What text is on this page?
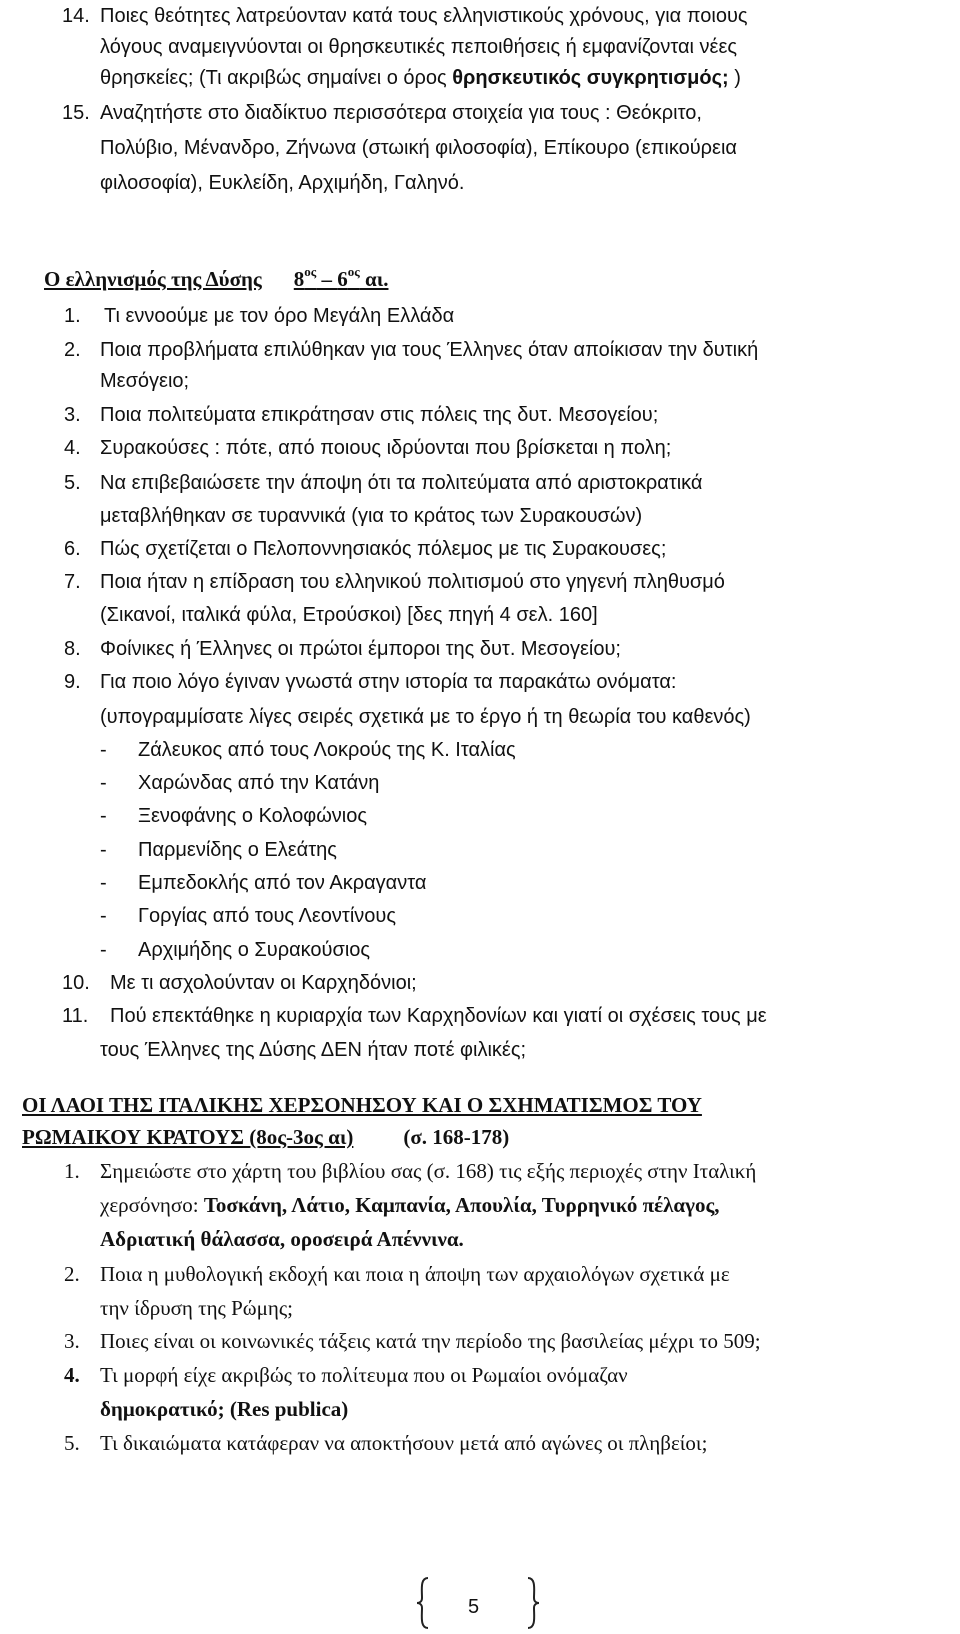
14. Ποιες θεότητες λατρεύονταν κατά τους ελληνιστικούς χρόνους, για ποιους
λόγους αναμειγνύονται οι θρησκευτικές πεποιθήσεις ή εμφανίζονται νέες
θρησκείες; (Τι ακριβώς σημαίνει ο όρος θρησκευτικός συγκρητισμός; )
15. Αναζητήστε στο διαδίκτυο περισσότερα στοιχεία για τους : Θεόκριτο,
Πολύβιο, Μένανδρο, Ζήνωνα (στωική φιλοσοφία), Επίκουρο (επικούρεια
φιλοσοφία), Ευκλείδη, Αρχιμήδη, Γαληνό.
Ο ελληνισμός της Δύσης $8^{o\varsigma} - 6^{o\varsigma}$ αι.
1. Τι εννοούμε με τον όρο Μεγάλη Ελλάδα
2. Ποια προβλήματα επιλύθηκαν για τους Έλληνες όταν αποίκισαν την δυτική
Μεσόγειο;
3. Ποια πολιτεύματα επικράτησαν στις πόλεις της δυτ. Μεσογείου;
4. Συρακούσες : πότε, από ποιους ιδρύονται που βρίσκεται η πολη;
5. Να επιβεβαιώσετε την άποψη ότι τα πολιτεύματα από αριστοκρατικά
μεταβλήθηκαν σε τυραννικά (για το κράτος των Συρακουσών)
6. Πώς σχετίζεται ο Πελοποννησιακός πόλεμος με τις Συρακουσες;
7. Ποια ήταν η επίδραση του ελληνικού πολιτισμού στο γηγενή πληθυσμό
(Σικανοί, ιταλικά φύλα, Ετρούσκοι) [δες πηγή 4 σελ. 160]
8. Φοίνικες ή Έλληνες οι πρώτοι έμποροι της δυτ. Μεσογείου;
9. Για ποιο λόγο έγιναν γνωστά στην ιστορία τα παρακάτω ονόματα:
(υπογραμμίσατε λίγες σειρές σχετικά με το έργο ή τη θεωρία του καθενός)
- Ζάλευκος από τους Λοκρούς της Κ. Ιταλίας
- Χαρώνδας από την Κατάνη
- Ξενοφάνης ο Κολοφώνιος
- Παρμενίδης ο Ελεάτης
- Εμπεδοκλής από τον Ακραγαντα
- Γοργίας από τους Λεοντίνους
- Αρχιμήδης ο Συρακούσιος
10. Με τι ασχολούνταν οι Καρχηδόνιοι;
11. Πού επεκτάθηκε η κυριαρχία των Καρχηδονίων και γιατί οι σχέσεις τους με
τους Έλληνες της Δύσης ΔΕΝ ήταν ποτέ φιλικές;
ΟΙ ΛΑΟΙ ΤΗΣ ΙΤΑΛΙΚΗΣ ΧΕΡΣΟΝΗΣΟΥ ΚΑΙ Ο ΣΧΗΜΑΤΙΣΜΟΣ ΤΟΥ
ΡΩΜΑΙΚΟΥ ΚΡΑΤΟΥΣ (8ος-3ος αι) (σ. 168-178)
1. Σημειώστε στο χάρτη του βιβλίου σας (σ. 168) τις εξής περιοχές στην Ιταλική
χερσόνησο: Τοσκάνη, Λάτιο, Καμπανία, Απουλία, Τυρρηνικό πέλαγος,
Αδριατική θάλασσα, οροσειρά Απέννινα.
2. Ποια η μυθολογική εκδοχή και ποια η άποψη των αρχαιολόγων σχετικά με
την ίδρυση της Ρώμης;
3. Ποιες είναι οι κοινωνικές τάξεις κατά την περίοδο της βασιλείας μέχρι το 509;
4. Τι μορφή είχε ακριβώς το πολίτευμα που οι Ρωμαίοι ονόμαζαν
δημοκρατικό; (Res publica)
5. Τι δικαιώματα κατάφεραν να αποκτήσουν μετά από αγώνες οι πληβείοι;
5
